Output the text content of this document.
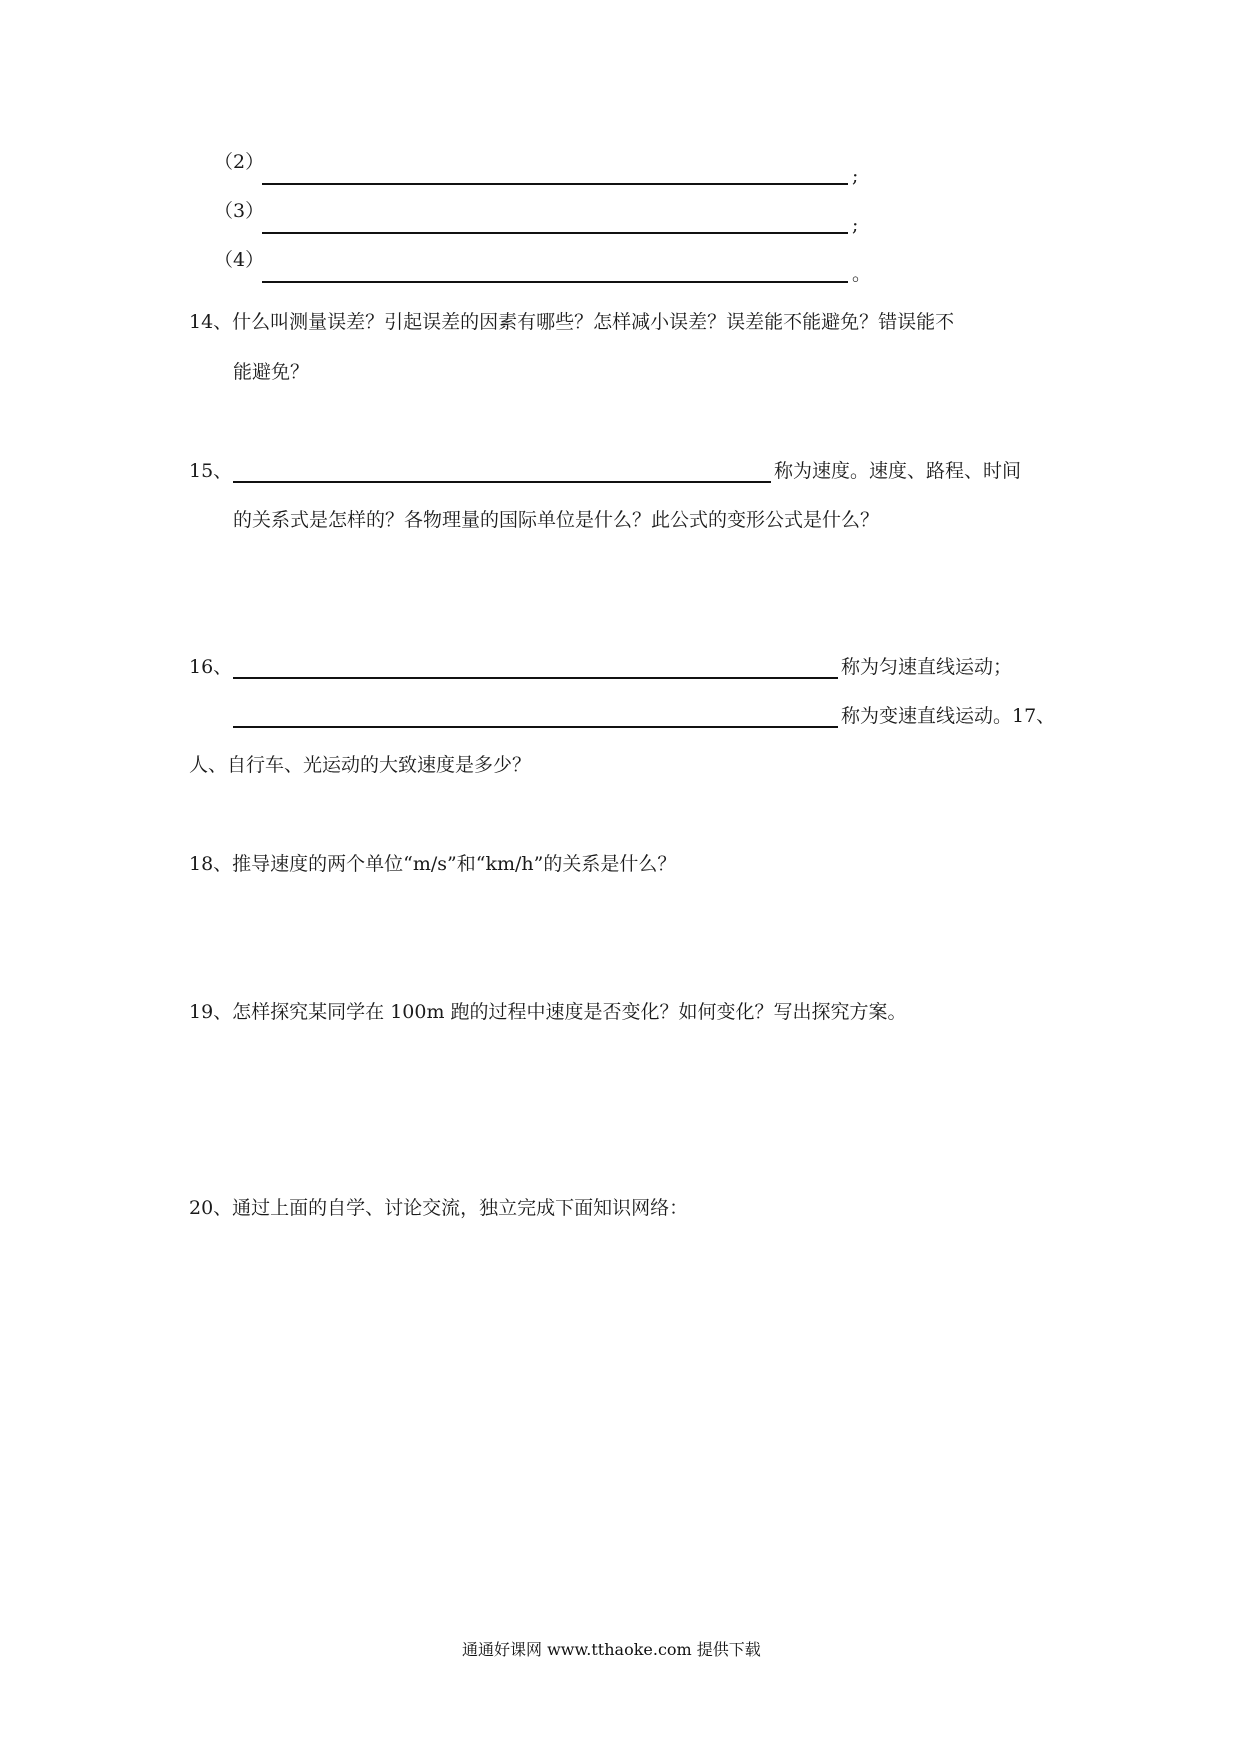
（2）
;
（3）
;
（4）
。
14、什么叫测量误差？引起误差的因素有哪些？怎样减小误差？误差能不能避免？错误能不
能避免？
15、	称为速度。速度、路程、时间
的关系式是怎样的？各物理量的国际单位是什么？此公式的变形公式是什么？
16、	称为匀速直线运动；
称为变速直线运动。17、
人、自行车、光运动的大致速度是多少？
18、推导速度的两个单位“m/s”和“km/h”的关系是什么？
19、怎样探究某同学在 100m 跑的过程中速度是否变化？如何变化？写出探究方案。
20、通过上面的自学、讨论交流，独立完成下面知识网络：
通通好课网 www.tthaoke.com 提供下载
